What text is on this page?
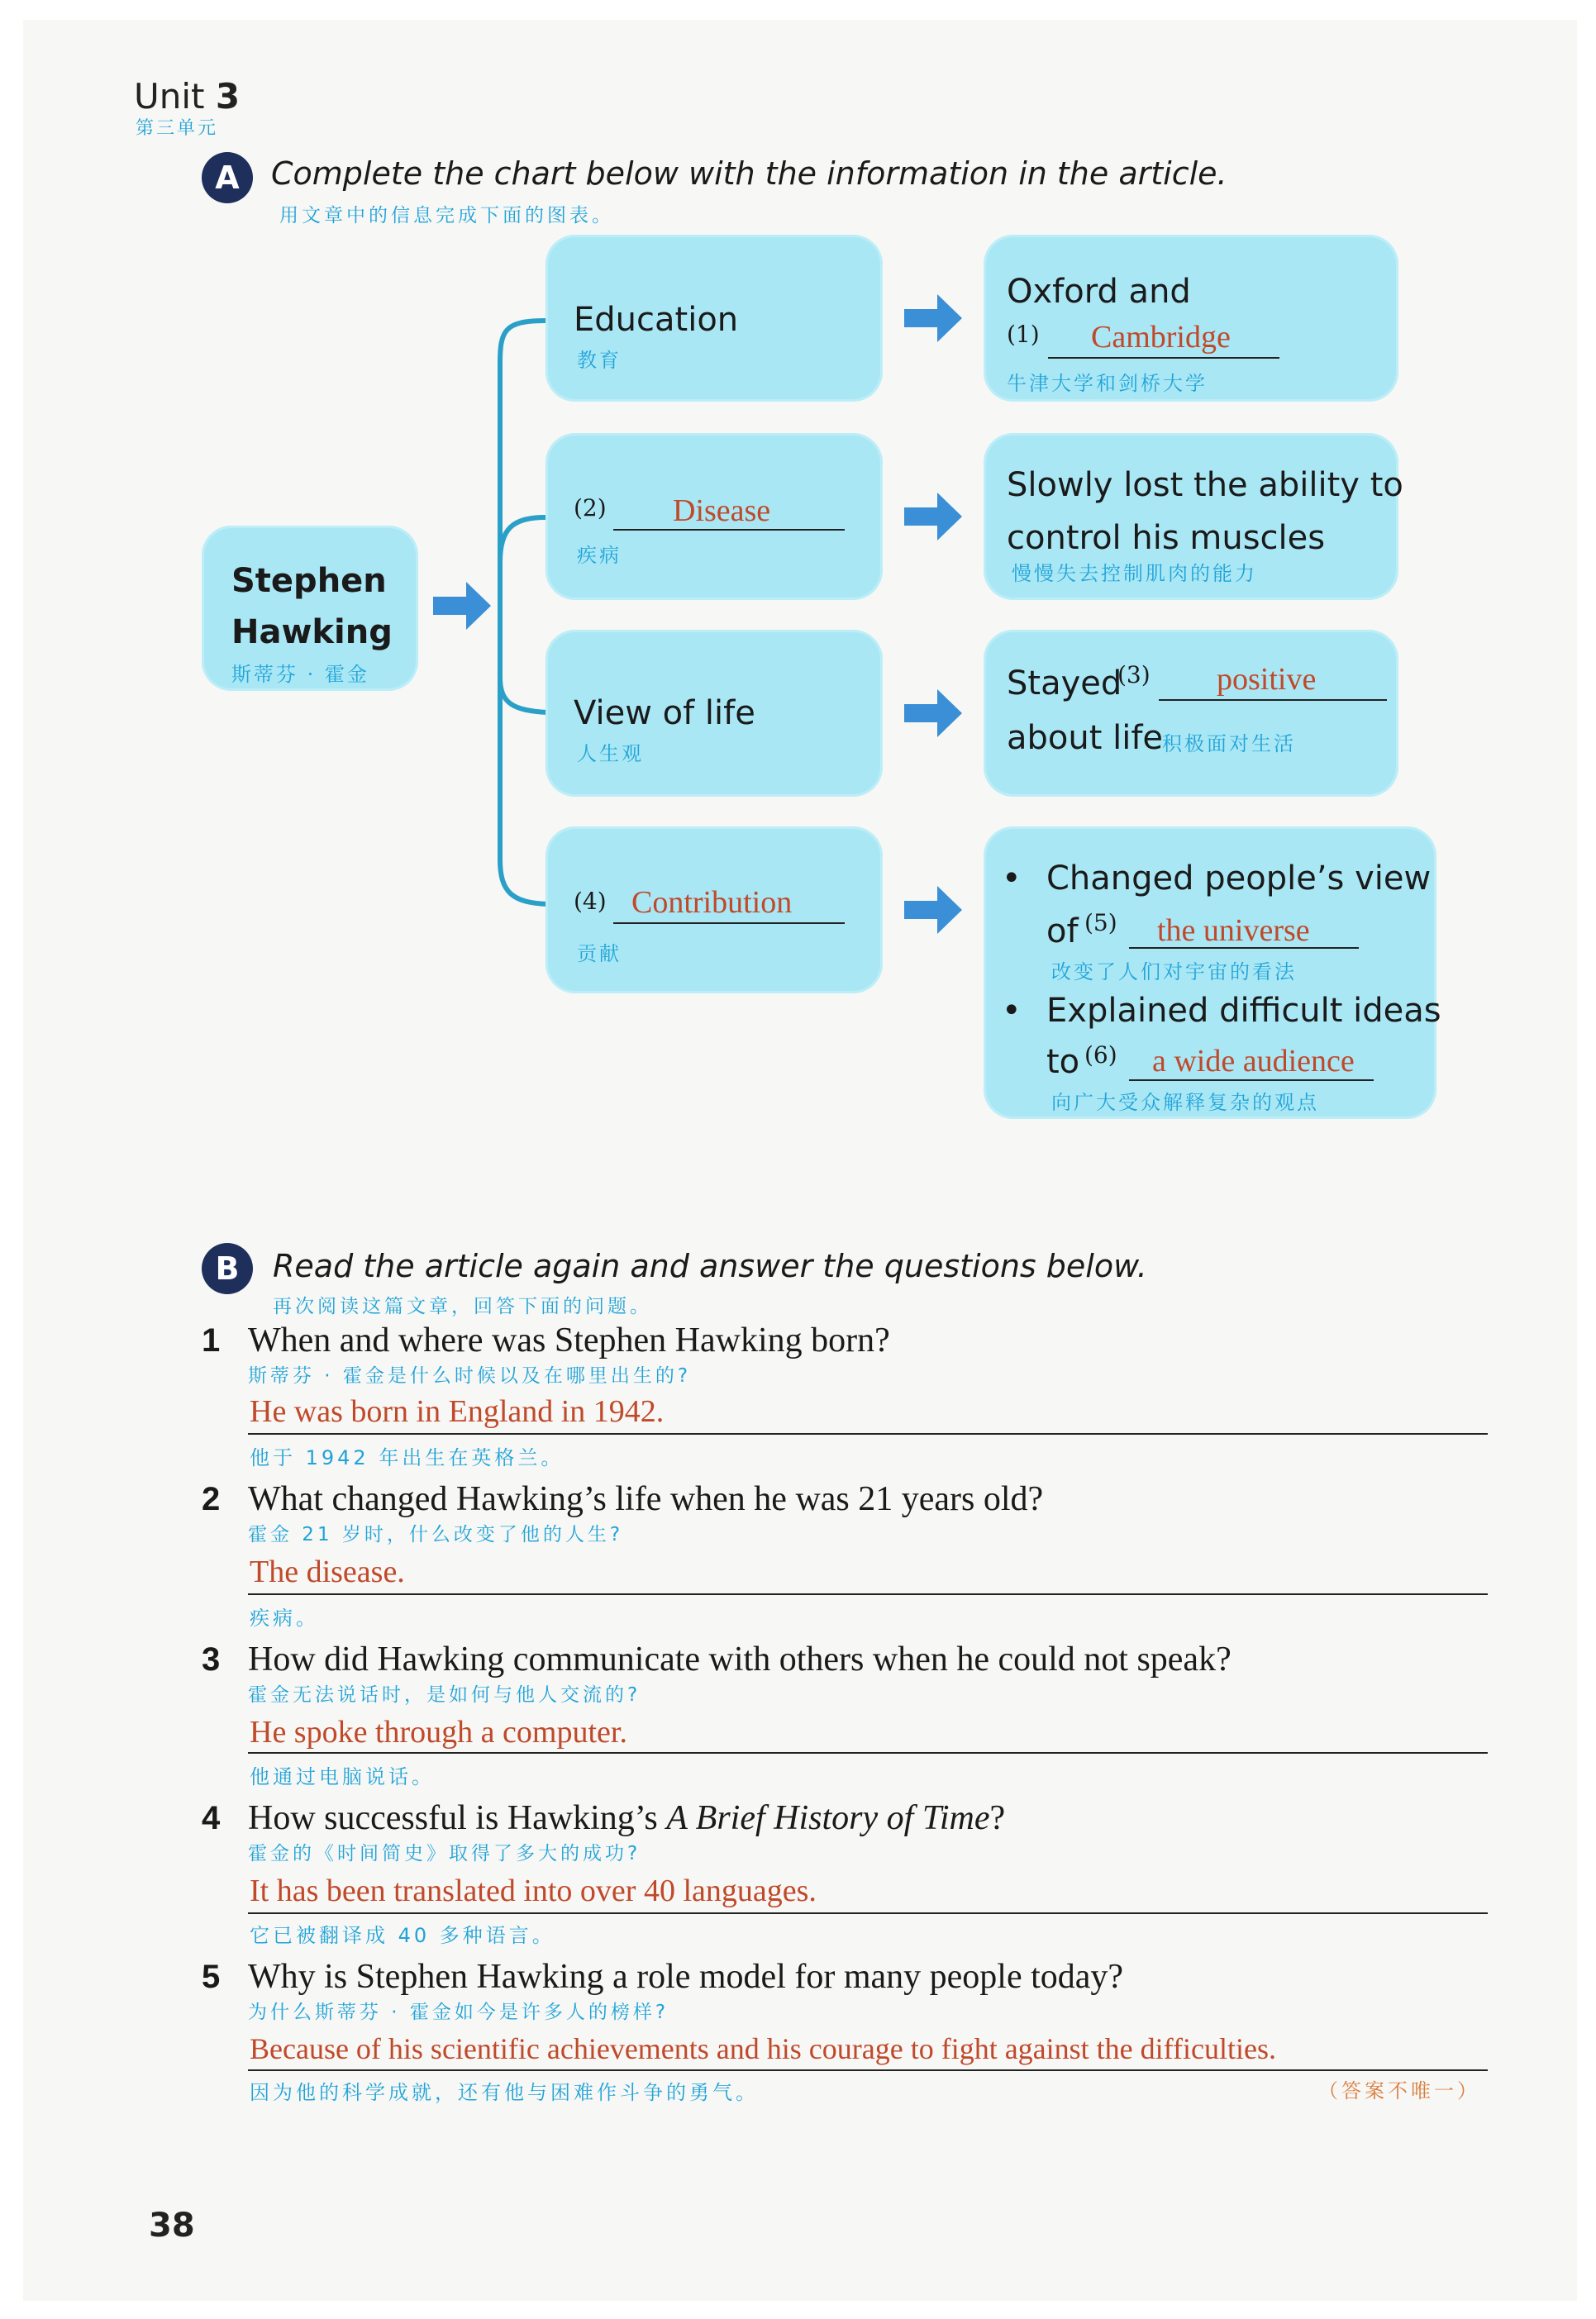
Unit 3
第三单元
A	Complete the chart below with the information in the article.
用文章中的信息完成下面的图表。
Stephen
Hawking
斯蒂芬 · 霍金
Education
教育
Oxford and
(1) Cambridge
牛津大学和剑桥大学
(2) Disease
疾病
Slowly lost the ability to
control his muscles
慢慢失去控制肌肉的能力
View of life
人生观
Stayed
(3) positive
about life
积极面对生活
(4) Contribution
贡献
• Changed people’s view
of (5) the universe
改变了人们对宇宙的看法
• Explained difficult ideas
to (6) a wide audience
向广大受众解释复杂的观点
B	Read the article again and answer the questions below.
再次阅读这篇文章，回答下面的问题。
1 When and where was Stephen Hawking born?
斯蒂芬 · 霍金是什么时候以及在哪里出生的?
He was born in England in 1942.
他于 1942 年出生在英格兰。
2 What changed Hawking’s life when he was 21 years old?
霍金 21 岁时，什么改变了他的人生?
The disease.
疾病。
3 How did Hawking communicate with others when he could not speak?
霍金无法说话时，是如何与他人交流的?
He spoke through a computer.
他通过电脑说话。
4 How successful is Hawking’s A Brief History of Time?
霍金的《时间简史》取得了多大的成功?
It has been translated into over 40 languages.
它已被翻译成 40 多种语言。
5 Why is Stephen Hawking a role model for many people today?
为什么斯蒂芬 · 霍金如今是许多人的榜样?
Because of his scientific achievements and his courage to fight against the difficulties.
因为他的科学成就，还有他与困难作斗争的勇气。	（答案不唯一）
38
